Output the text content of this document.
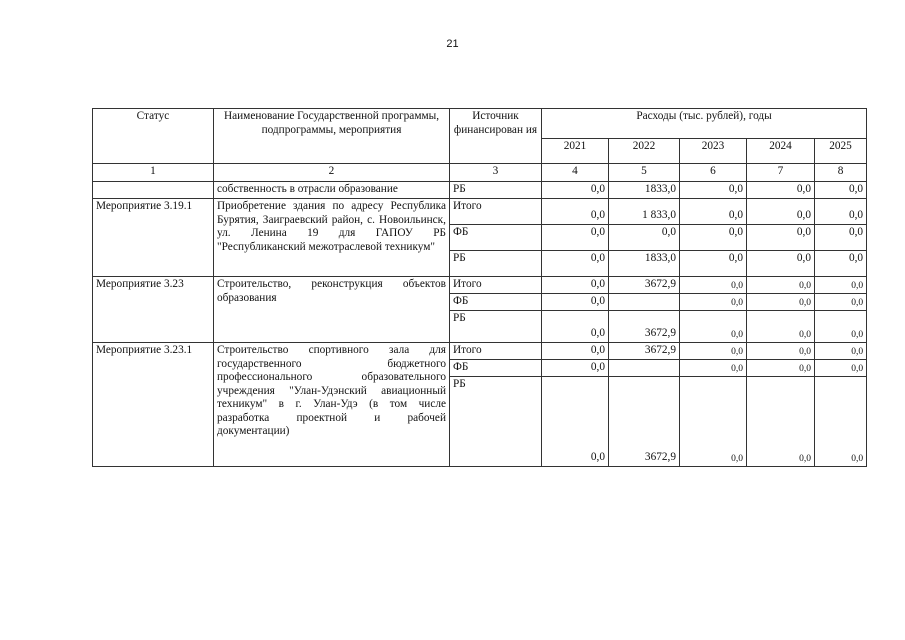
21
Статус	Наименование Государственной программы, подпрограммы, мероприятия	Источник финансирован ия	Расходы (тыс. рублей), годы				
			2021	2022	2023	2024	2025
1	2	3	4	5	6	7	8
	собственность в отрасли образование	РБ	0,0	1833,0	0,0	0,0	0,0
Мероприятие 3.19.1	Приобретение здания по адресу Республика Бурятия, Заиграевский район, с. Новоильинск, ул. Ленина 19 для ГАПОУ РБ "Республиканский межотраслевой техникум"	Итого	0,0	1 833,0	0,0	0,0	0,0
		ФБ	0,0	0,0	0,0	0,0	0,0
		РБ	0,0	1833,0	0,0	0,0	0,0
Мероприятие 3.23	Строительство, реконструкция объектов образования	Итого	0,0	3672,9	0,0	0,0	0,0
		ФБ	0,0		0,0	0,0	0,0
		РБ	0,0	3672,9	0,0	0,0	0,0
Мероприятие 3.23.1	Строительство спортивного зала для государственного бюджетного профессионального образовательного учреждения "Улан-Удэнский авиационный техникум" в г. Улан-Удэ (в том числе разработка проектной и рабочей документации)	Итого	0,0	3672,9	0,0	0,0	0,0
		ФБ	0,0		0,0	0,0	0,0
		РБ	0,0	3672,9	0,0	0,0	0,0
